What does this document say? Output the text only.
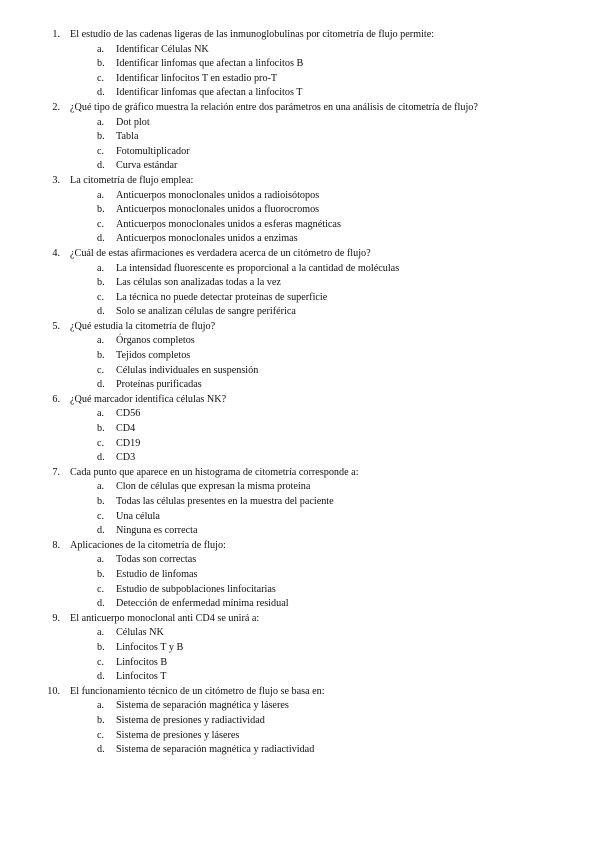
1. El estudio de las cadenas ligeras de las inmunoglobulinas por citometría de flujo permite:
a.	Identificar Células NK
b.	Identificar linfomas que afectan a linfocitos B
c.	Identificar linfocitos T en estadio pro-T
d.	Identificar linfomas que afectan a linfocitos T
2. ¿Qué tipo de gráfico muestra la relación entre dos parámetros en una análisis de citometría de flujo?
a.	Dot plot
b.	Tabla
c.	Fotomultiplicador
d.	Curva estándar
3. La citometría de flujo emplea:
a.	Anticuerpos monoclonales unidos a radioisótopos
b.	Anticuerpos monoclonales unidos a fluorocromos
c.	Anticuerpos monoclonales unidos a esferas magnéticas
d.	Anticuerpos monoclonales unidos a enzimas
4. ¿Cuál de estas afirmaciones es verdadera acerca de un citómetro de flujo?
a.	La intensidad fluorescente es proporcional a la cantidad de moléculas
b.	Las células son analizadas todas a la vez
c.	La técnica no puede detectar proteínas de superficie
d.	Solo se analizan células de sangre periférica
5. ¿Qué estudia la citometría de flujo?
a.	Órganos completos
b.	Tejidos completos
c.	Células individuales en suspensión
d.	Proteínas purificadas
6. ¿Qué marcador identifica células NK?
a.	CD56
b.	CD4
c.	CD19
d.	CD3
7. Cada punto que aparece en un histograma de citometría corresponde a:
a.	Clon de células que expresan la misma proteína
b.	Todas las células presentes en la muestra del paciente
c.	Una célula
d.	Ninguna es correcta
8. Aplicaciones de la citometría de flujo:
a.	Todas son correctas
b.	Estudio de linfomas
c.	Estudio de subpoblaciones linfocitarias
d.	Detección de enfermedad mínima residual
9. El anticuerpo monoclonal anti CD4 se unirá a:
a.	Células NK
b.	Linfocitos T y B
c.	Linfocitos B
d.	Linfocitos T
10. El funcionamiento técnico de un citómetro de flujo se basa en:
a.	Sistema de separación magnética y láseres
b.	Sistema de presiones y radiactividad
c.	Sistema de presiones y láseres
d.	Sistema de separación magnética y radiactividad
